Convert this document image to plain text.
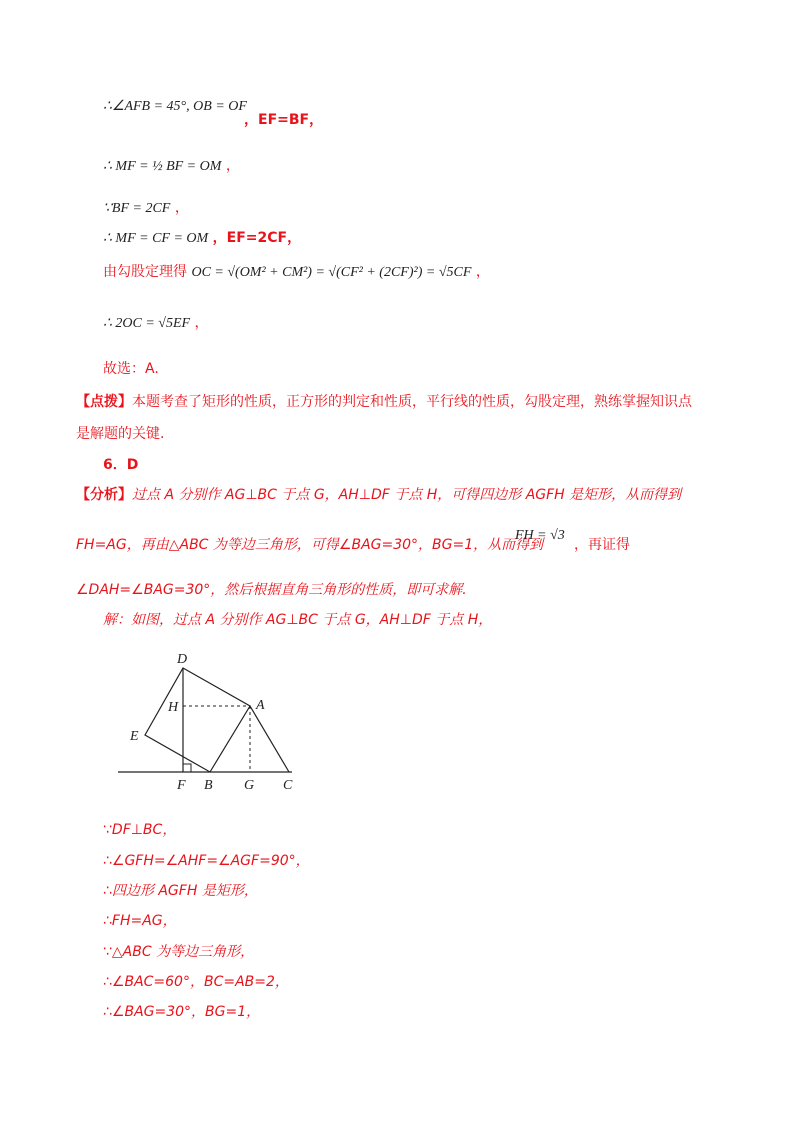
∴∠AFB = 45°, OB = OF
，EF=BF，
∴ MF = ½ BF = OM ，
∵BF = 2CF ，
∴ MF = CF = OM ，EF=2CF，
由勾股定理得 OC = √(OM² + CM²) = √(CF² + (2CF)²) = √5CF ，
∴ 2OC = √5EF ，
故选：A.
【点拨】本题考查了矩形的性质，正方形的判定和性质，平行线的性质，勾股定理，熟练掌握知识点
是解题的关键.
6．D
【分析】过点 A 分别作 AG⊥BC 于点 G，AH⊥DF 于点 H，可得四边形 AGFH 是矩形，从而得到
FH=AG，再由△ABC 为等边三角形，可得∠BAG=30°，BG=1，从而得到
FH = √3
，再证得
∠DAH=∠BAG=30°，然后根据直角三角形的性质，即可求解.
解：如图，过点 A 分别作 AG⊥BC 于点 G，AH⊥DF 于点 H，
D
H	A
E
F B G C
∵DF⊥BC，
∴∠GFH=∠AHF=∠AGF=90°，
∴四边形 AGFH 是矩形，
∴FH=AG，
∵△ABC 为等边三角形，
∴∠BAC=60°，BC=AB=2，
∴∠BAG=30°，BG=1，
